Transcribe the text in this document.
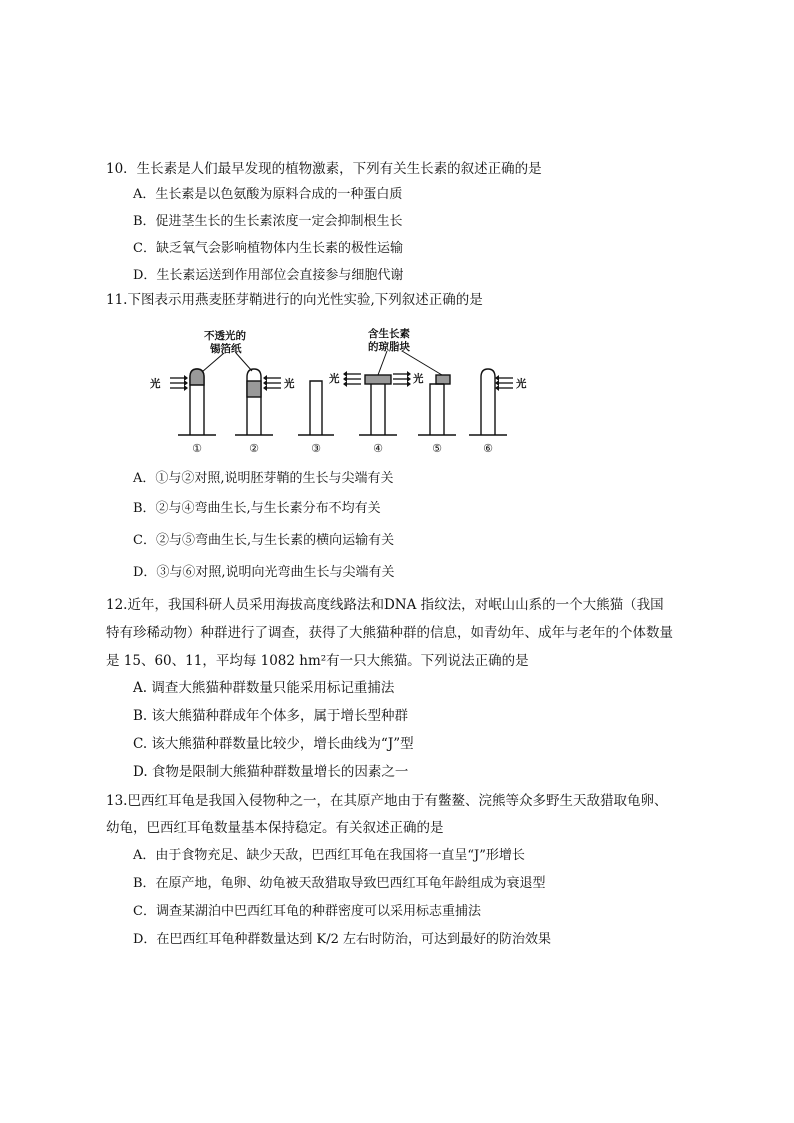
10．生长素是人们最早发现的植物激素，下列有关生长素的叙述正确的是
A．生长素是以色氨酸为原料合成的一种蛋白质
B．促进茎生长的生长素浓度一定会抑制根生长
C．缺乏氧气会影响植物体内生长素的极性运输
D．生长素运送到作用部位会直接参与细胞代谢
11.下图表示用燕麦胚芽鞘进行的向光性实验,下列叙述正确的是
不透光的
锡箔纸
含生长素
的琼脂块
光	光	光	光	光
①	②	③	④	⑤	⑥
A．①与②对照,说明胚芽鞘的生长与尖端有关
B．②与④弯曲生长,与生长素分布不均有关
C．②与⑤弯曲生长,与生长素的横向运输有关
D．③与⑥对照,说明向光弯曲生长与尖端有关
12.近年，我国科研人员采用海拔高度线路法和DNA 指纹法，对岷山山系的一个大熊猫（我国
特有珍稀动物）种群进行了调查，获得了大熊猫种群的信息，如青幼年、成年与老年的个体数量
是 15、60、11，平均每 1082 hm²有一只大熊猫。下列说法正确的是
A. 调查大熊猫种群数量只能采用标记重捕法
B. 该大熊猫种群成年个体多，属于增长型种群
C. 该大熊猫种群数量比较少，增长曲线为“J”型
D. 食物是限制大熊猫种群数量增长的因素之一
13.巴西红耳龟是我国入侵物种之一，在其原产地由于有鳖鳌、浣熊等众多野生天敌猎取龟卵、
幼龟，巴西红耳龟数量基本保持稳定。有关叙述正确的是
A．由于食物充足、缺少天敌，巴西红耳龟在我国将一直呈“J”形增长
B．在原产地，龟卵、幼龟被天敌猎取导致巴西红耳龟年龄组成为衰退型
C．调查某湖泊中巴西红耳龟的种群密度可以采用标志重捕法
D．在巴西红耳龟种群数量达到 K/2 左右时防治，可达到最好的防治效果
